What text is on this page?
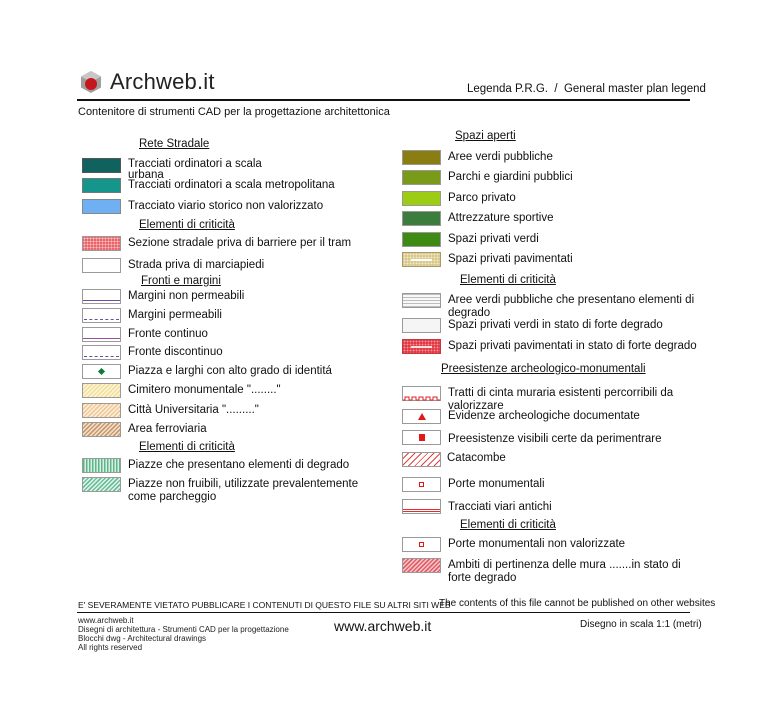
Archweb.it	Legenda P.R.G.  /  General master plan legend
Contenitore di strumenti CAD per la progettazione architettonica
Rete Stradale
Tracciati ordinatori a scala urbana
Tracciati ordinatori a scala metropolitana
Tracciato viario storico non valorizzato
Elementi di criticità
Sezione stradale priva di barriere per il tram
Strada priva di marciapiedi
Fronti e margini
Margini non permeabili
Margini permeabili
Fronte continuo
Fronte discontinuo
Piazza e larghi con alto grado di identitá
Cimitero monumentale "........"
Città Universitaria "........."
Area ferroviaria
Elementi di criticità
Piazze che presentano elementi di degrado
Piazze non fruibili, utilizzate prevalentemente come parcheggio
Spazi aperti
Aree verdi pubbliche
Parchi e giardini pubblici
Parco privato
Attrezzature sportive
Spazi privati verdi
Spazi privati pavimentati
Elementi di criticità
Aree verdi pubbliche che presentano elementi di degrado
Spazi privati verdi in stato di forte degrado
Spazi privati pavimentati in stato di forte degrado
Preesistenze archeologico-monumentali
Tratti di cinta muraria esistenti percorribili da valorizzare
Evidenze archeologiche documentate
Preesistenze visibili certe da perimentrare
Catacombe
Porte monumentali
Tracciati viari antichi
Elementi di criticità
Porte monumentali non valorizzate
Ambiti di pertinenza delle mura .......in stato di forte degrado
E' SEVERAMENTE VIETATO PUBBLICARE I CONTENUTI DI QUESTO FILE SU ALTRI SITI WEB
The contents of this file cannot be published on other websites
www.archweb.it
Disegni di architettura - Strumenti CAD per la progettazione
Blocchi dwg - Architectural drawings
All rights reserved
www.archweb.it	Disegno in scala 1:1 (metri)
